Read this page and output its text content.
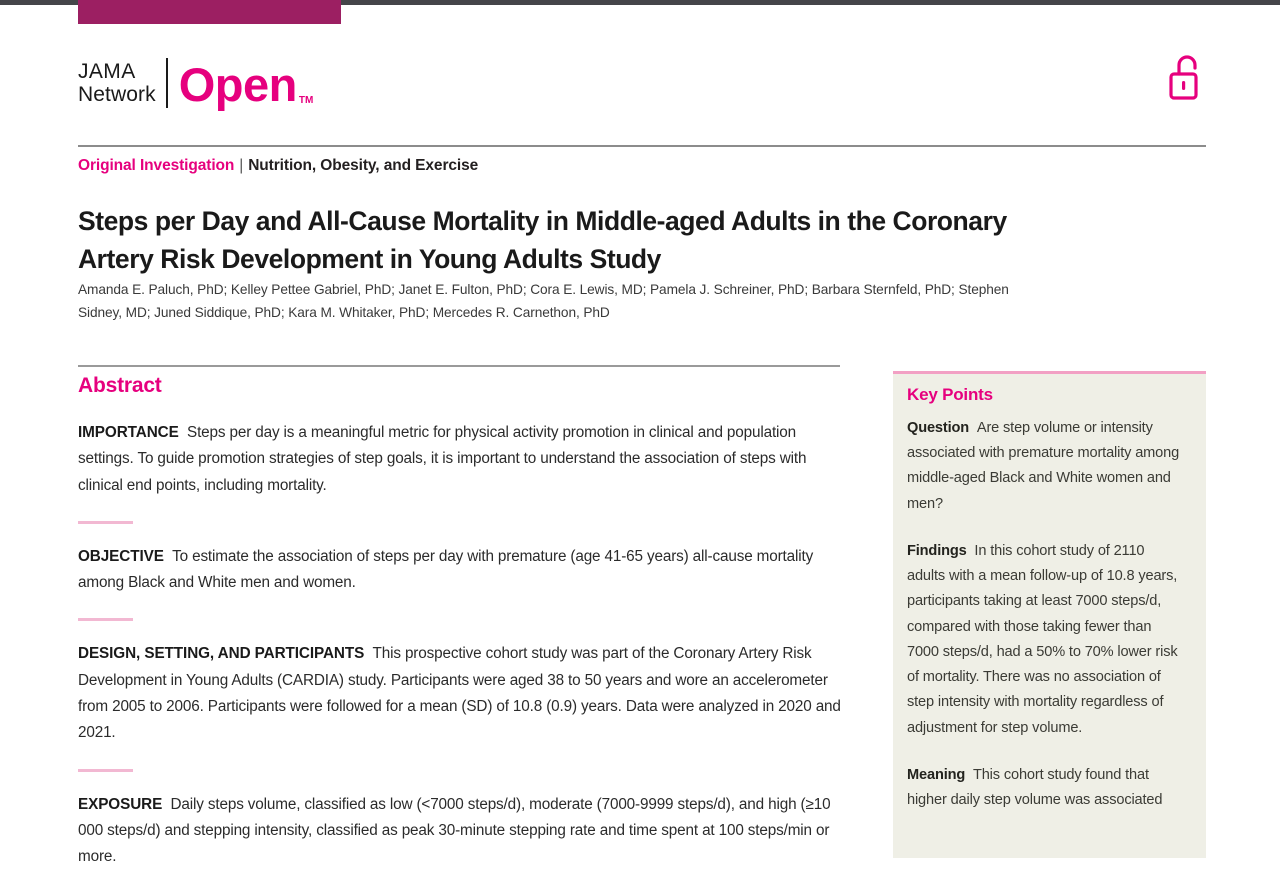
JAMA
Network Open TM
Original Investigation | Nutrition, Obesity, and Exercise
Steps per Day and All-Cause Mortality in Middle-aged Adults in the Coronary Artery Risk Development in Young Adults Study
Amanda E. Paluch, PhD; Kelley Pettee Gabriel, PhD; Janet E. Fulton, PhD; Cora E. Lewis, MD; Pamela J. Schreiner, PhD; Barbara Sternfeld, PhD; Stephen Sidney, MD; Juned Siddique, PhD; Kara M. Whitaker, PhD; Mercedes R. Carnethon, PhD
Abstract

IMPORTANCE Steps per day is a meaningful metric for physical activity promotion in clinical and population settings. To guide promotion strategies of step goals, it is important to understand the association of steps with clinical end points, including mortality.

OBJECTIVE To estimate the association of steps per day with premature (age 41-65 years) all-cause mortality among Black and White men and women.

DESIGN, SETTING, AND PARTICIPANTS This prospective cohort study was part of the Coronary Artery Risk Development in Young Adults (CARDIA) study. Participants were aged 38 to 50 years and wore an accelerometer from 2005 to 2006. Participants were followed for a mean (SD) of 10.8 (0.9) years. Data were analyzed in 2020 and 2021.

EXPOSURE Daily steps volume, classified as low (<7000 steps/d), moderate (7000-9999 steps/d), and high (≥10 000 steps/d) and stepping intensity, classified as peak 30-minute stepping rate and time spent at 100 steps/min or more.

Key Points

Question Are step volume or intensity associated with premature mortality among middle-aged Black and White women and men?

Findings In this cohort study of 2110 adults with a mean follow-up of 10.8 years, participants taking at least 7000 steps/d, compared with those taking fewer than 7000 steps/d, had a 50% to 70% lower risk of mortality. There was no association of step intensity with mortality regardless of adjustment for step volume.

Meaning This cohort study found that higher daily step volume was associated
